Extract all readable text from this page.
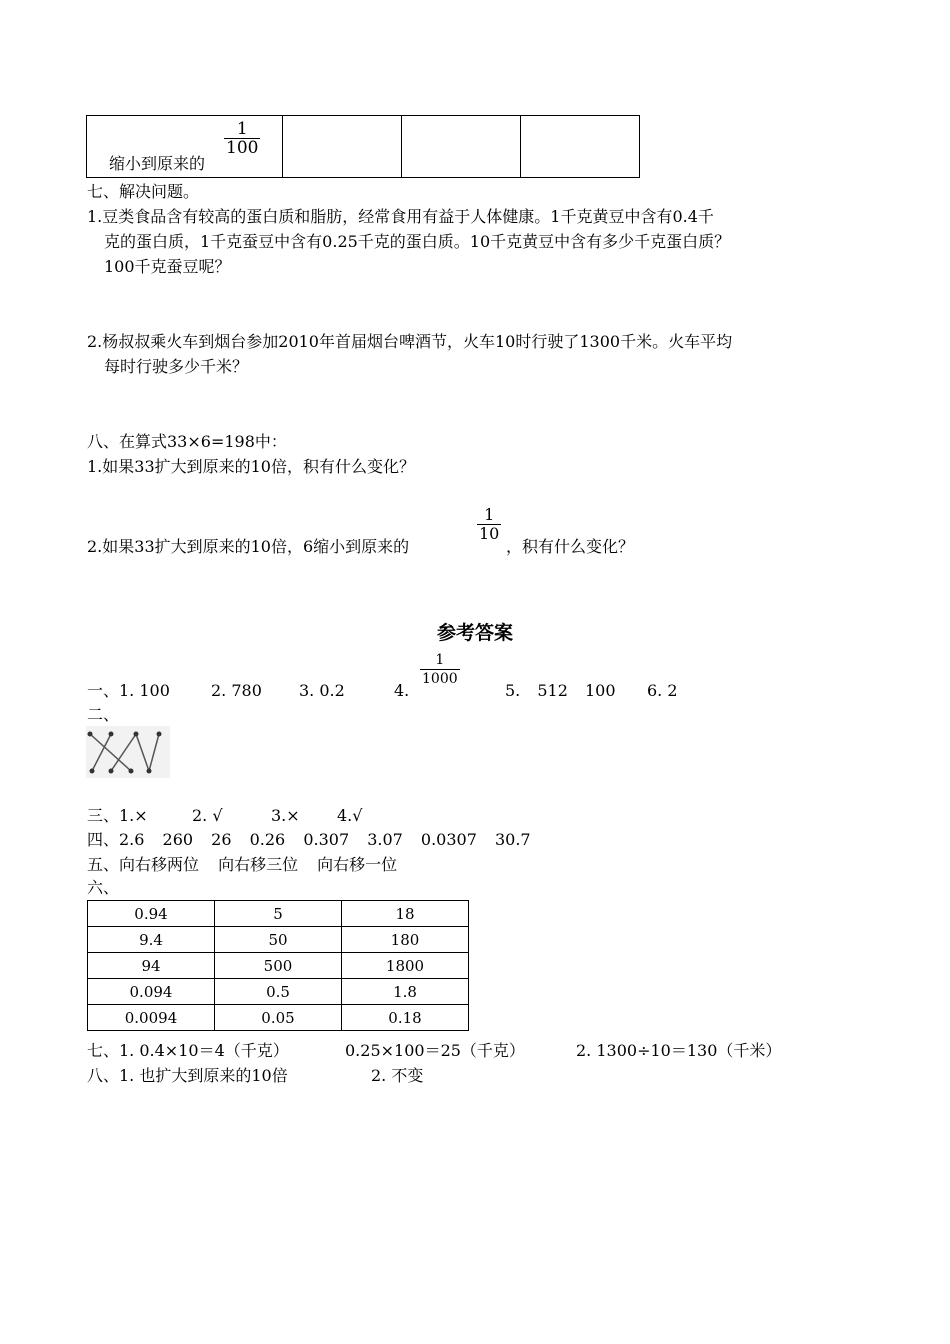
缩小到原来的
$\frac{1}{100}$

七、解决问题。
1.豆类食品含有较高的蛋白质和脂肪，经常食用有益于人体健康。1千克黄豆中含有0.4千
克的蛋白质，1千克蚕豆中含有0.25千克的蛋白质。10千克黄豆中含有多少千克蛋白质？
100千克蚕豆呢？
2.杨叔叔乘火车到烟台参加2010年首届烟台啤酒节，火车10时行驶了1300千米。火车平均
每时行驶多少千米？
八、在算式33×6=198中：
1.如果33扩大到原来的10倍，积有什么变化？
2.如果33扩大到原来的10倍，6缩小到原来的
$\frac{1}{10}$
，积有什么变化？
参考答案
一、1. 100	2. 780 3. 0.2	4.
$\frac{1}{1000}$
5. 512 100 6. 2
二、
三、1.×	2. √	3.× 4.√
四、2.6 260 26 0.26 0.307 3.07 0.0307 30.7
五、向右移两位 向右移三位 向右移一位
六、
0.94	5	18
9.4	50	180
94	500	1800
0.094	0.5	1.8
0.0094	0.05	0.18
七、1. 0.4×10＝4（千克）	0.25×100＝25（千克）	2. 1300÷10＝130（千米）
八、1. 也扩大到原来的10倍	2. 不变
